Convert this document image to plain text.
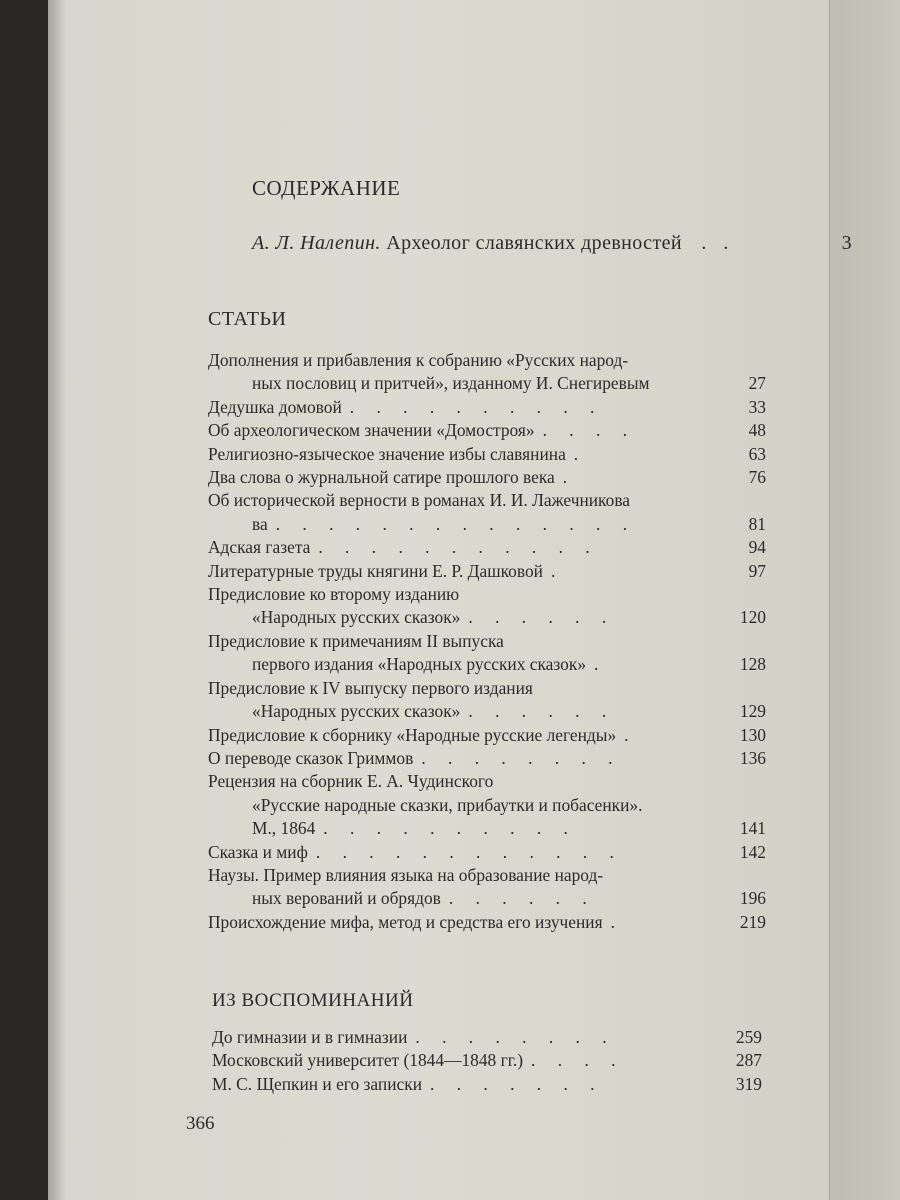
СОДЕРЖАНИЕ
А. Л. Налепин. Археолог славянских древностей . .	3
СТАТЬИ
Дополнения и прибавления к собранию «Русских народ-
ных пословиц и притчей», изданному И. Снегиревым	27
Дедушка домовой . . . . . . . . . .	33
Об археологическом значении «Домостроя» . . . .	48
Религиозно-языческое значение избы славянина .	63
Два слова о журнальной сатире прошлого века .	76
Об исторической верности в романах И. И. Лажечникова
ва . . . . . . . . . . . . . .	81
Адская газета . . . . . . . . . . .	94
Литературные труды княгини Е. Р. Дашковой .	97
Предисловие ко второму изданию
«Народных русских сказок» . . . . . .	120
Предисловие к примечаниям II выпуска
первого издания «Народных русских сказок» .	128
Предисловие к IV выпуску первого издания
«Народных русских сказок» . . . . . .	129
Предисловие к сборнику «Народные русские легенды» .	130
О переводе сказок Гриммов . . . . . . . .	136
Рецензия на сборник Е. А. Чудинского
«Русские народные сказки, прибаутки и побасенки».
М., 1864 . . . . . . . . . .	141
Сказка и миф . . . . . . . . . . . .	142
Наузы. Пример влияния языка на образование народ-
ных верований и обрядов . . . . . .	196
Происхождение мифа, метод и средства его изучения .	219
ИЗ ВОСПОМИНАНИЙ
До гимназии и в гимназии . . . . . . . .	259
Московский университет (1844—1848 гг.) . . . .	287
М. С. Щепкин и его записки . . . . . . .	319
366
